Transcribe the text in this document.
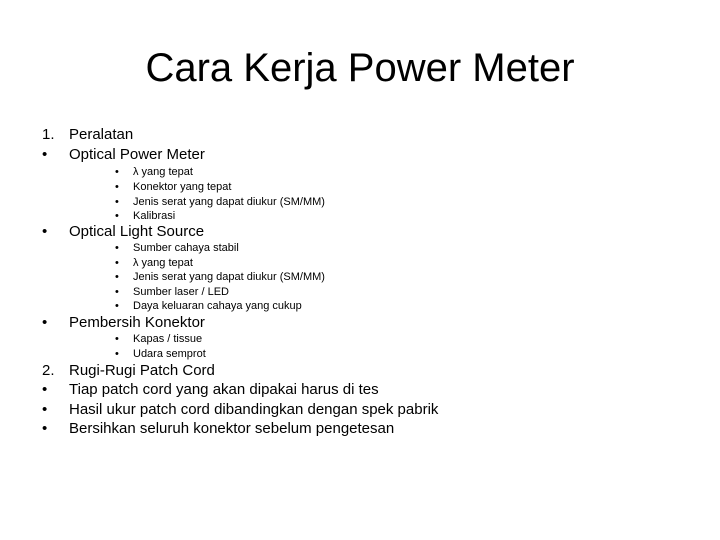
Cara Kerja Power Meter
1. Peralatan
• Optical Power Meter
• λ yang tepat
• Konektor yang tepat
• Jenis serat yang dapat diukur (SM/MM)
• Kalibrasi
• Optical Light Source
• Sumber cahaya stabil
• λ yang tepat
• Jenis serat yang dapat diukur (SM/MM)
• Sumber laser / LED
• Daya keluaran cahaya yang cukup
• Pembersih Konektor
• Kapas / tissue
• Udara semprot
2. Rugi-Rugi Patch Cord
• Tiap patch cord yang akan dipakai harus di tes
• Hasil ukur patch cord dibandingkan dengan spek pabrik
• Bersihkan seluruh konektor sebelum pengetesan
